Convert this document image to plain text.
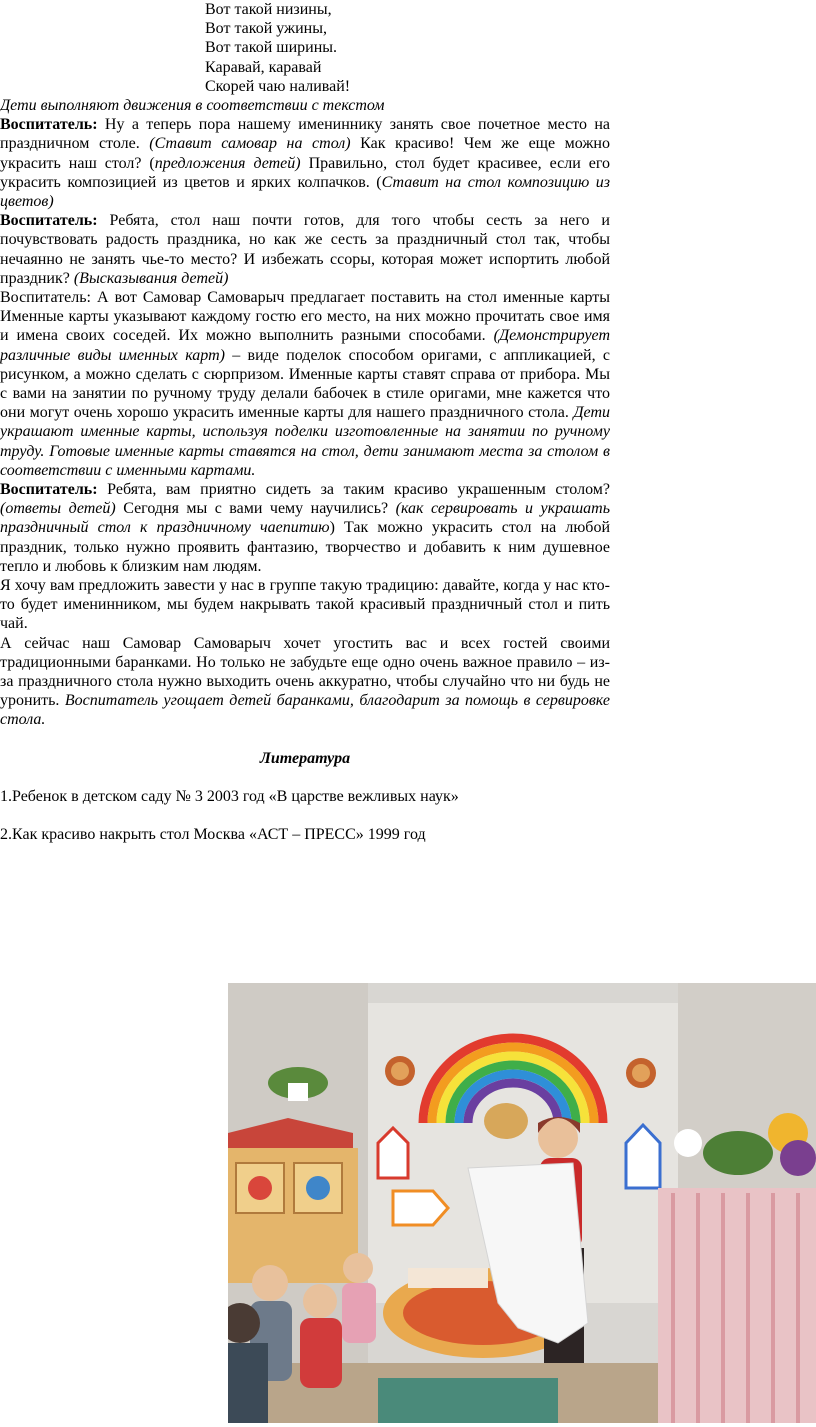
Вот такой низины,
Вот такой ужины,
Вот такой ширины.
Каравай, каравай
Скорей чаю наливай!

Дети выполняют движения в соответствии с текстом

Воспитатель: Ну а теперь пора нашему имениннику занять свое почетное место на праздничном столе. (Ставит самовар на стол) Как красиво! Чем же еще можно украсить наш стол? (предложения детей) Правильно, стол будет красивее, если его украсить композицией из цветов и ярких колпачков. (Ставит на стол композицию из цветов)

Воспитатель: Ребята, стол наш почти готов, для того чтобы сесть за него и почувствовать радость праздника, но как же сесть за праздничный стол так, чтобы нечаянно не занять чье-то место? И избежать ссоры, которая может испортить любой праздник? (Высказывания детей)

Воспитатель: А вот Самовар Самоварыч предлагает поставить на стол именные карты Именные карты указывают каждому гостю его место, на них можно прочитать свое имя и имена своих соседей. Их можно выполнить разными способами. (Демонстрирует различные виды именных карт) – виде поделок способом оригами, с аппликацией, с рисунком, а можно сделать с сюрпризом. Именные карты ставят справа от прибора. Мы с вами на занятии по ручному труду делали бабочек в стиле оригами, мне кажется что они могут очень хорошо украсить именные карты для нашего праздничного стола. Дети украшают именные карты, используя поделки изготовленные на занятии по ручному труду. Готовые именные карты ставятся на стол, дети занимают места за столом в соответствии с именными картами.

Воспитатель: Ребята, вам приятно сидеть за таким красиво украшенным столом? (ответы детей) Сегодня мы с вами чему научились? (как сервировать и украшать праздничный стол к праздничному чаепитию) Так можно украсить стол на любой праздник, только нужно проявить фантазию, творчество и добавить к ним душевное тепло и любовь к близким нам людям.

Я хочу вам предложить завести у нас в группе такую традицию: давайте, когда у нас кто-то будет именинником, мы будем накрывать такой красивый праздничный стол и пить чай.

А сейчас наш Самовар Самоварыч хочет угостить вас и всех гостей своими традиционными баранками. Но только не забудьте еще одно очень важное правило – из-за праздничного стола нужно выходить очень аккуратно, чтобы случайно что ни будь не уронить. Воспитатель угощает детей баранками, благодарит за помощь в сервировке стола.

Литература
1.Ребенок в детском саду № 3 2003 год «В царстве вежливых наук»
2.Как красиво накрыть стол Москва «АСТ – ПРЕСС» 1999 год
